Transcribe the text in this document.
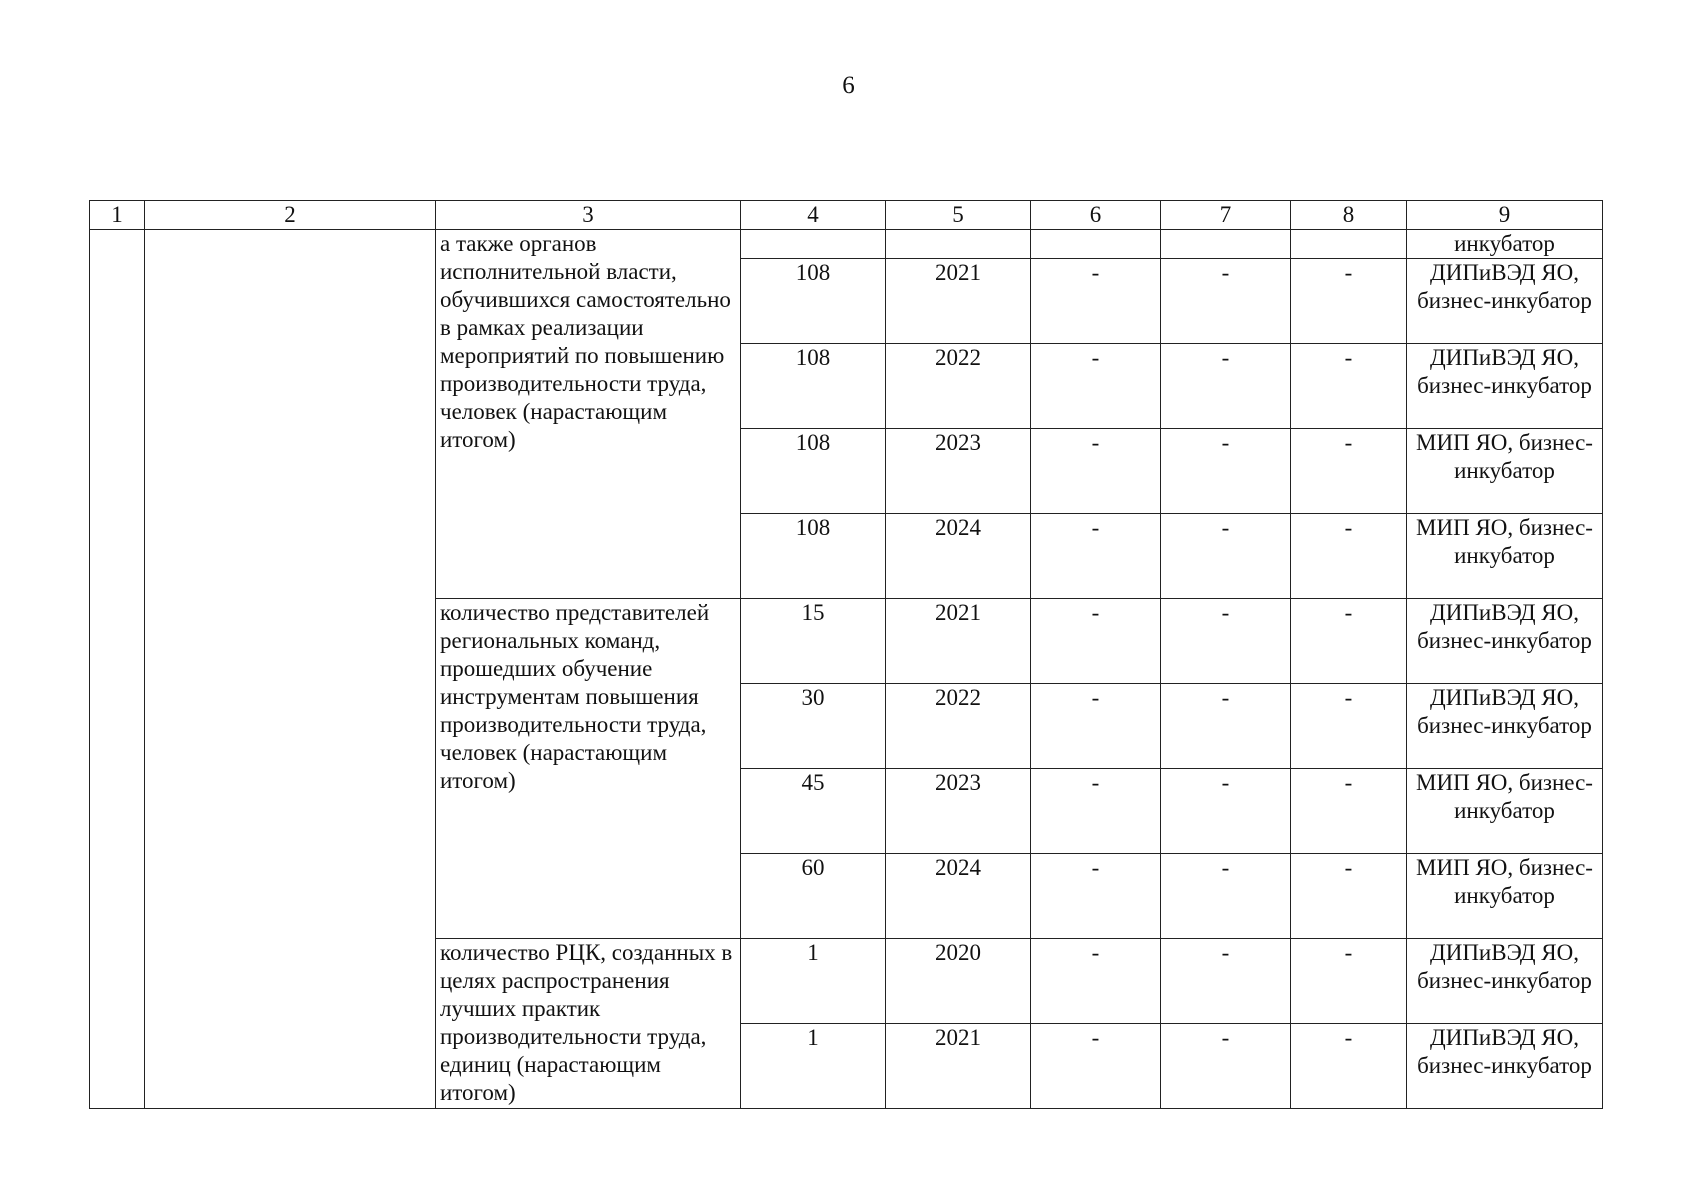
6
1	2	3	4	5	6	7	8	9
		а также органов исполнительной власти, обучившихся самостоятельно в рамках реализации мероприятий по повышению производительности труда, человек (нарастающим итогом)						инкубатор
			108	2021	-	-	-	ДИПиВЭД ЯО, бизнес-инкубатор
			108	2022	-	-	-	ДИПиВЭД ЯО, бизнес-инкубатор
			108	2023	-	-	-	МИП ЯО, бизнес-инкубатор
			108	2024	-	-	-	МИП ЯО, бизнес-инкубатор
		количество представителей региональных команд, прошедших обучение инструментам повышения производительности труда, человек (нарастающим итогом)	15	2021	-	-	-	ДИПиВЭД ЯО, бизнес-инкубатор
			30	2022	-	-	-	ДИПиВЭД ЯО, бизнес-инкубатор
			45	2023	-	-	-	МИП ЯО, бизнес-инкубатор
			60	2024	-	-	-	МИП ЯО, бизнес-инкубатор
		количество РЦК, созданных в целях распространения лучших практик производительности труда, единиц (нарастающим итогом)	1	2020	-	-	-	ДИПиВЭД ЯО, бизнес-инкубатор
			1	2021	-	-	-	ДИПиВЭД ЯО, бизнес-инкубатор
